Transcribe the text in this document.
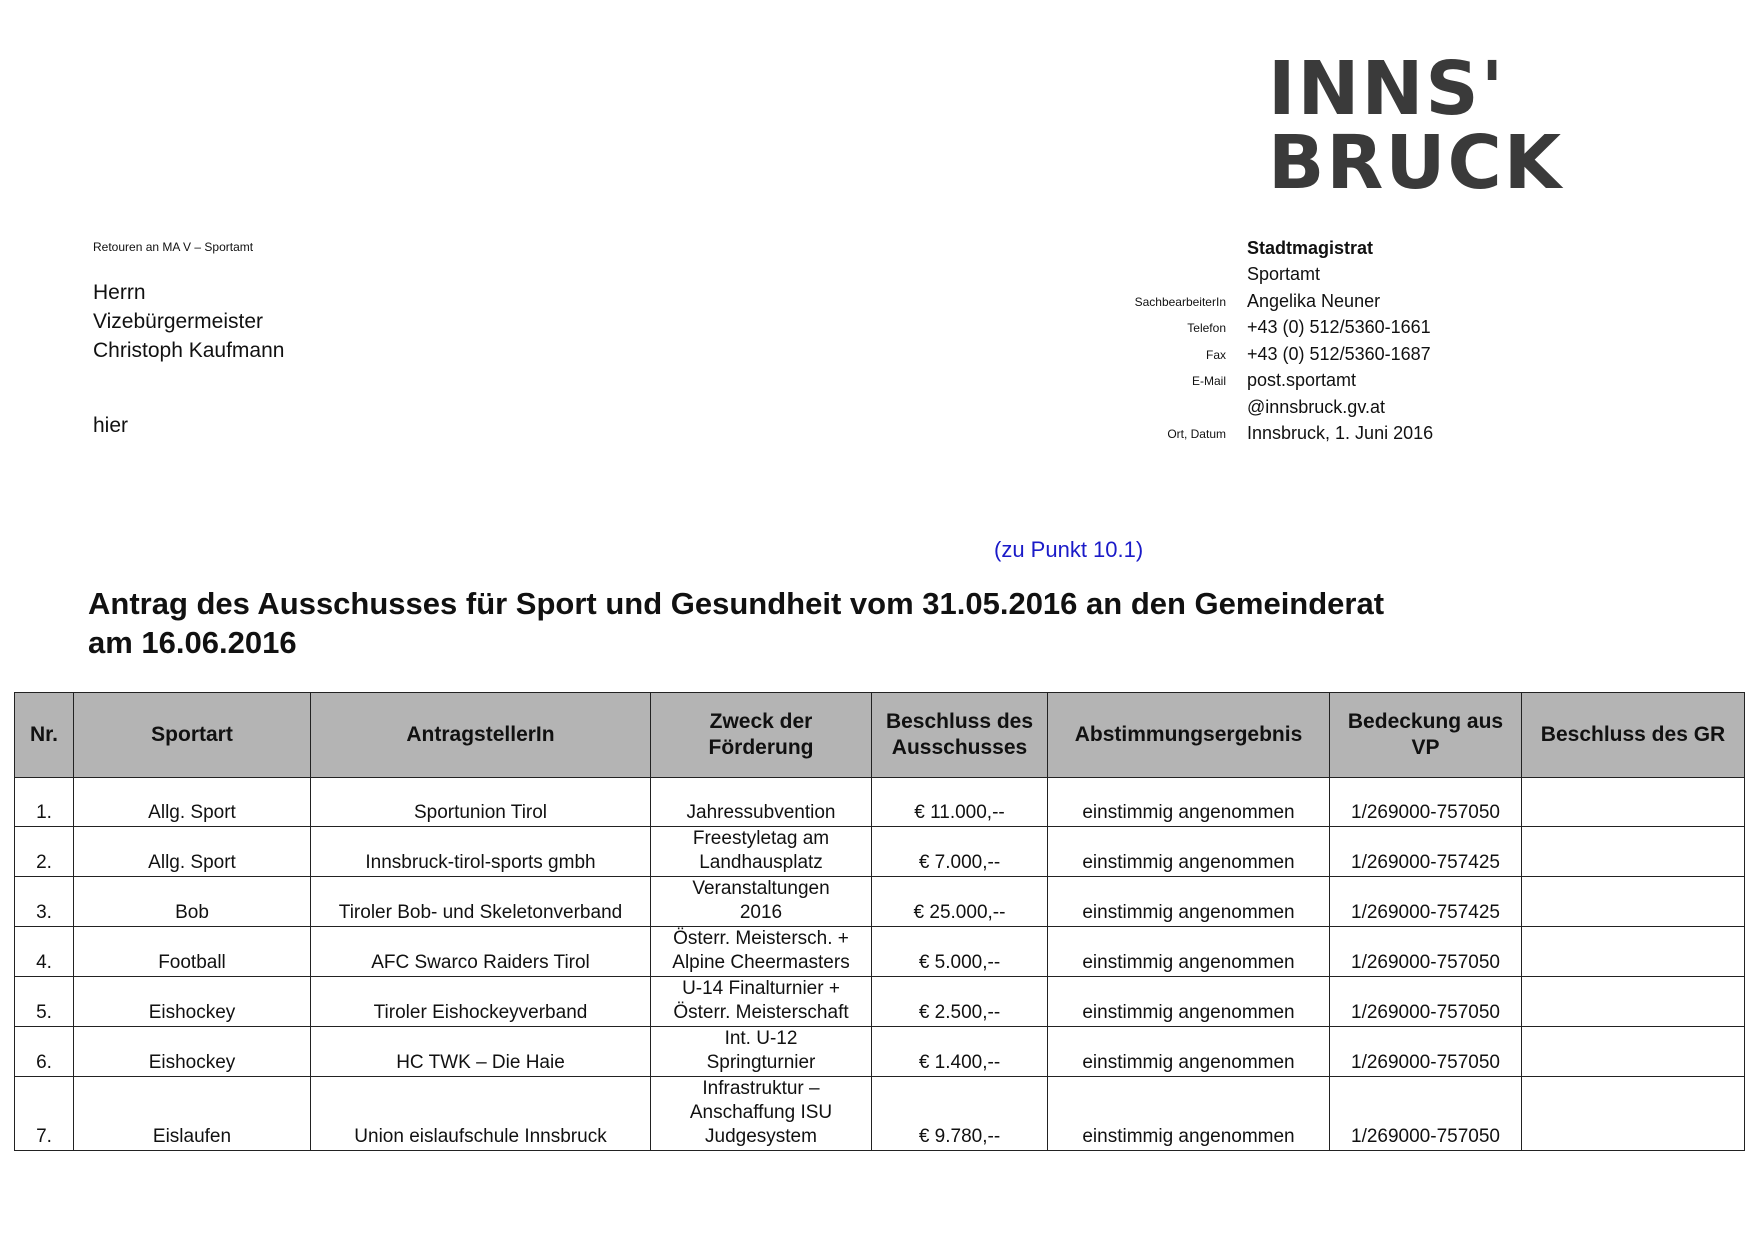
INNS'
BRUCK
Retouren an MA V – Sportamt
Herrn
Vizebürgermeister
Christoph Kaufmann
hier
Stadtmagistrat
Sportamt
SachbearbeiterIn	Angelika Neuner
Telefon	+43 (0) 512/5360-1661
Fax	+43 (0) 512/5360-1687
E-Mail	post.sportamt
@innsbruck.gv.at
Ort, Datum	Innsbruck, 1. Juni 2016
(zu Punkt 10.1)
Antrag des Ausschusses für Sport und Gesundheit vom 31.05.2016 an den Gemeinderat am 16.06.2016
Nr.	Sportart	AntragstellerIn	Zweck der Förderung	Beschluss des Ausschusses	Abstimmungsergebnis	Bedeckung aus VP	Beschluss des GR
1.	Allg. Sport	Sportunion Tirol	Jahressubvention	€ 11.000,--	einstimmig angenommen	1/269000-757050	
2.	Allg. Sport	Innsbruck-tirol-sports gmbh	Freestyletag am
Landhausplatz	€ 7.000,--	einstimmig angenommen	1/269000-757425	
3.	Bob	Tiroler Bob- und Skeletonverband	Veranstaltungen
2016	€ 25.000,--	einstimmig angenommen	1/269000-757425	
4.	Football	AFC Swarco Raiders Tirol	Österr. Meistersch. +
Alpine Cheermasters	€ 5.000,--	einstimmig angenommen	1/269000-757050	
5.	Eishockey	Tiroler Eishockeyverband	U-14 Finalturnier +
Österr. Meisterschaft	€ 2.500,--	einstimmig angenommen	1/269000-757050	
6.	Eishockey	HC TWK – Die Haie	Int. U-12
Springturnier	€ 1.400,--	einstimmig angenommen	1/269000-757050	
7.	Eislaufen	Union eislaufschule Innsbruck	Infrastruktur –
Anschaffung ISU
Judgesystem	€ 9.780,--	einstimmig angenommen	1/269000-757050	
